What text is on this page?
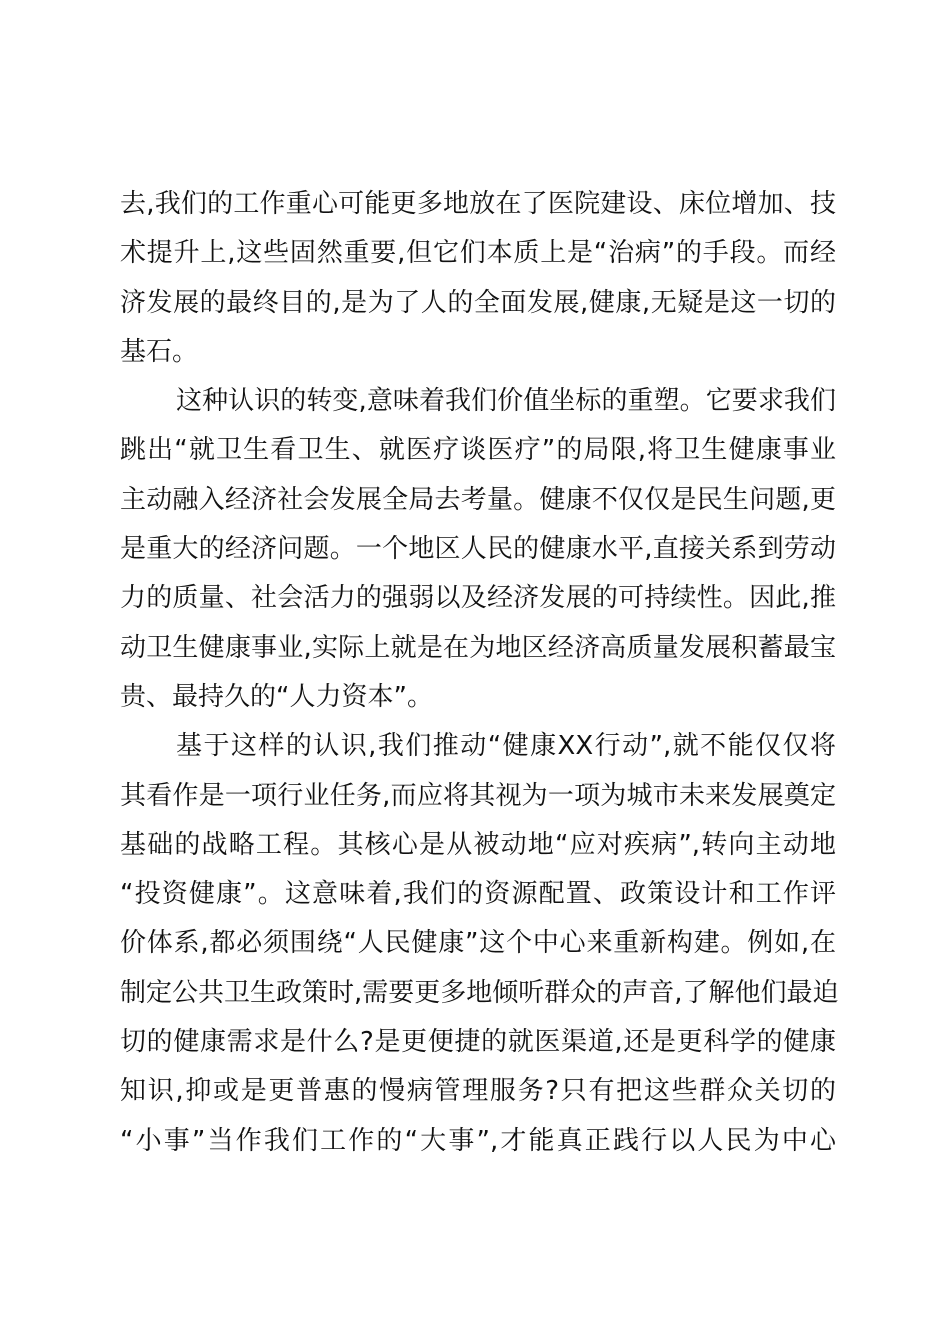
去,我们的工作重心可能更多地放在了医院建设、床位增加、技
术提升上,这些固然重要,但它们本质上是“治病”的手段。而经
济发展的最终目的,是为了人的全面发展,健康,无疑是这一切的
基石。
这种认识的转变,意味着我们价值坐标的重塑。它要求我们
跳出“就卫生看卫生、就医疗谈医疗”的局限,将卫生健康事业
主动融入经济社会发展全局去考量。健康不仅仅是民生问题,更
是重大的经济问题。一个地区人民的健康水平,直接关系到劳动
力的质量、社会活力的强弱以及经济发展的可持续性。因此,推
动卫生健康事业,实际上就是在为地区经济高质量发展积蓄最宝
贵、最持久的“人力资本”。
基于这样的认识,我们推动“健康XX行动”,就不能仅仅将
其看作是一项行业任务,而应将其视为一项为城市未来发展奠定
基础的战略工程。其核心是从被动地“应对疾病”,转向主动地
“投资健康”。这意味着,我们的资源配置、政策设计和工作评
价体系,都必须围绕“人民健康”这个中心来重新构建。例如,在
制定公共卫生政策时,需要更多地倾听群众的声音,了解他们最迫
切的健康需求是什么?是更便捷的就医渠道,还是更科学的健康
知识,抑或是更普惠的慢病管理服务?只有把这些群众关切的
“小事”当作我们工作的“大事”,才能真正践行以人民为中心
